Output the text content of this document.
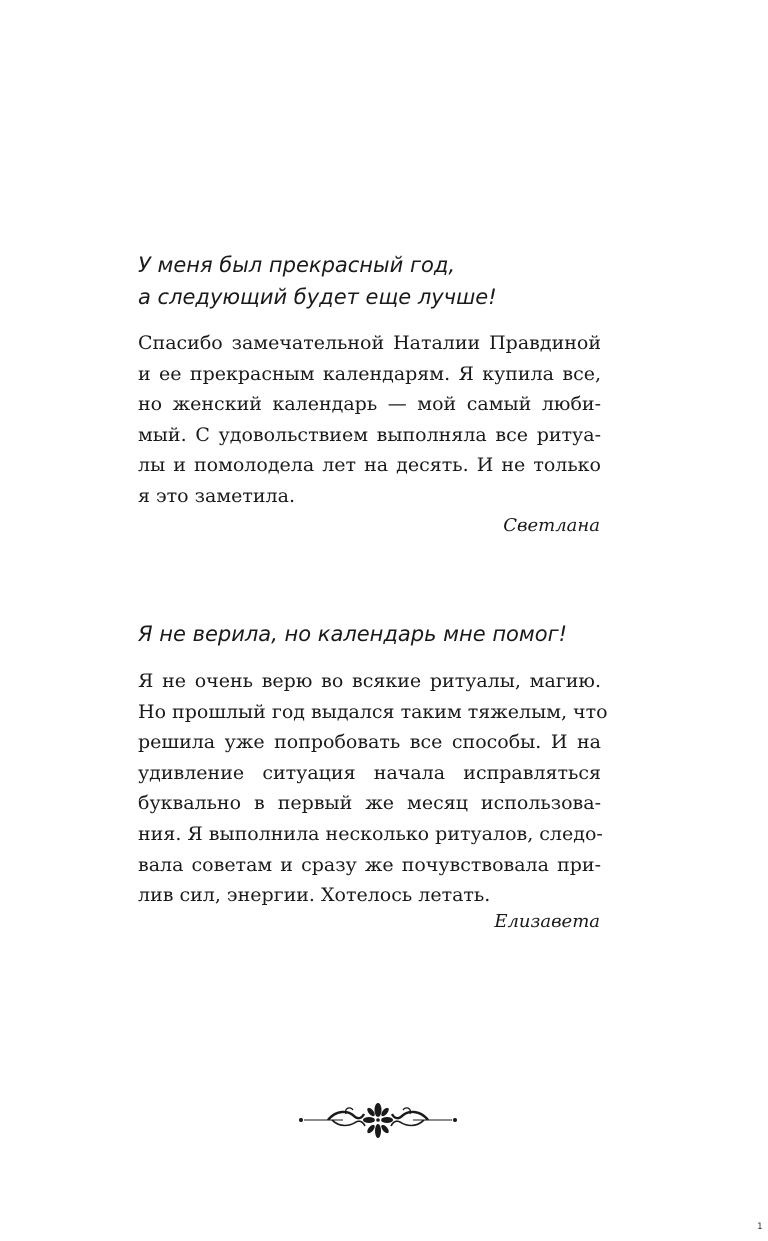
У меня был прекрасный год,
а следующий будет еще лучше!
Спасибо замечательной Наталии Правдиной
и ее прекрасным календарям. Я купила все,
но женский календарь — мой самый люби-
мый. С удовольствием выполняла все ритуа-
лы и помолодела лет на десять. И не только
я это заметила.
Светлана
Я не верила, но календарь мне помог!
Я не очень верю во всякие ритуалы, магию.
Но прошлый год выдался таким тяжелым, что
решила уже попробовать все способы. И на
удивление ситуация начала исправляться
буквально в первый же месяц использова-
ния. Я выполнила несколько ритуалов, следо-
вала советам и сразу же почувствовала при-
лив сил, энергии. Хотелось летать.
Елизавета
1
